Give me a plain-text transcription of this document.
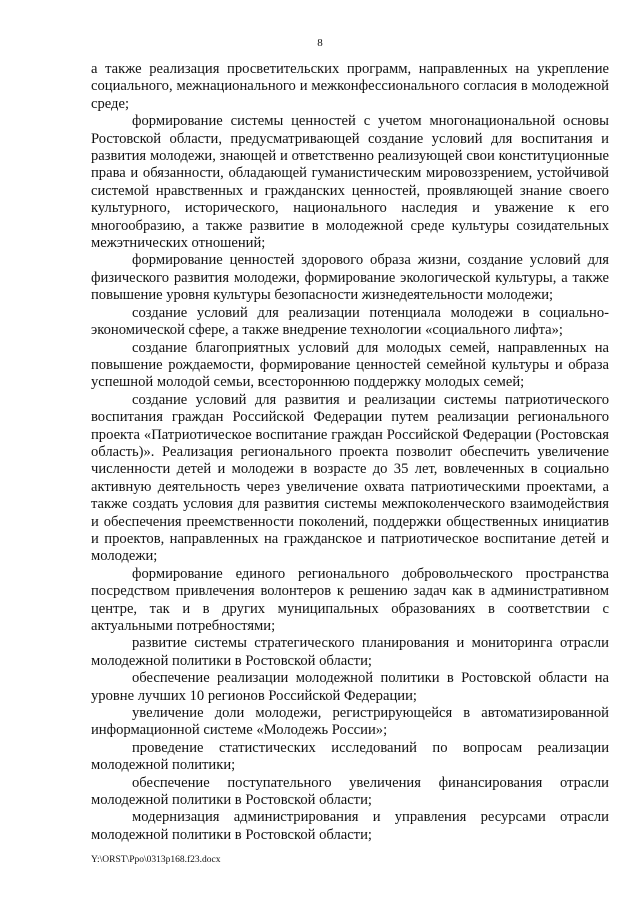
8

а также реализация просветительских программ, направленных на укрепление социального, межнационального и межконфессионального согласия в молодежной среде;

формирование системы ценностей с учетом многонациональной основы Ростовской области, предусматривающей создание условий для воспитания и развития молодежи, знающей и ответственно реализующей свои конституционные права и обязанности, обладающей гуманистическим мировоззрением, устойчивой системой нравственных и гражданских ценностей, проявляющей знание своего культурного, исторического, национального наследия и уважение к его многообразию, а также развитие в молодежной среде культуры созидательных межэтнических отношений;

формирование ценностей здорового образа жизни, создание условий для физического развития молодежи, формирование экологической культуры, а также повышение уровня культуры безопасности жизнедеятельности молодежи;

создание условий для реализации потенциала молодежи в социально-экономической сфере, а также внедрение технологии «социального лифта»;

создание благоприятных условий для молодых семей, направленных на повышение рождаемости, формирование ценностей семейной культуры и образа успешной молодой семьи, всестороннюю поддержку молодых семей;

создание условий для развития и реализации системы патриотического воспитания граждан Российской Федерации путем реализации регионального проекта «Патриотическое воспитание граждан Российской Федерации (Ростовская область)». Реализация регионального проекта позволит обеспечить увеличение численности детей и молодежи в возрасте до 35 лет, вовлеченных в социально активную деятельность через увеличение охвата патриотическими проектами, а также создать условия для развития системы межпоколенческого взаимодействия и обеспечения преемственности поколений, поддержки общественных инициатив и проектов, направленных на гражданское и патриотическое воспитание детей и молодежи;

формирование единого регионального добровольческого пространства посредством привлечения волонтеров к решению задач как в административном центре, так и в других муниципальных образованиях в соответствии с актуальными потребностями;

развитие системы стратегического планирования и мониторинга отрасли молодежной политики в Ростовской области;

обеспечение реализации молодежной политики в Ростовской области на уровне лучших 10 регионов Российской Федерации;

увеличение доли молодежи, регистрирующейся в автоматизированной информационной системе «Молодежь России»;

проведение статистических исследований по вопросам реализации молодежной политики;

обеспечение поступательного увеличения финансирования отрасли молодежной политики в Ростовской области;

модернизация администрирования и управления ресурсами отрасли молодежной политики в Ростовской области;

Y:\ORST\Ppo\0313p168.f23.docx
